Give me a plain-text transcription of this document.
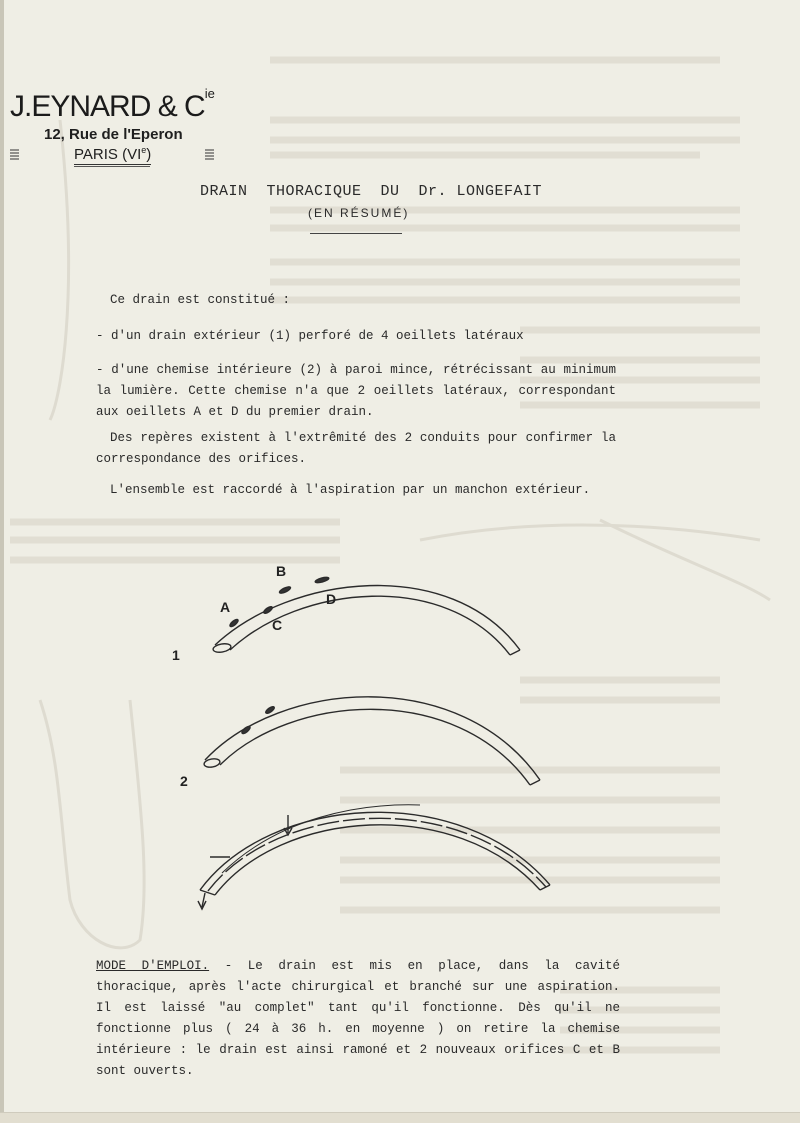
J.EYNARD & $C^{ie}$
12, Rue de l'Eperon
PARIS (VIe)
DRAIN  THORACIQUE  DU  Dr. LONGEFAIT
(EN RÉSUMÉ)
Ce drain est constitué :
- d'un drain extérieur (1) perforé de 4 oeillets latéraux
- d'une chemise intérieure (2) à paroi mince, rétrécissant au minimum la lumière. Cette chemise n'a que 2 oeillets latéraux, correspondant aux oeillets A et D du premier drain.
Des repères existent à l'extrêmité des 2 conduits pour confirmer la correspondance des orifices.
L'ensemble est raccordé à l'aspiration par un manchon extérieur.
B
A	D
C
1
2
MODE D'EMPLOI. - Le drain est mis en place, dans la cavité thoracique, après l'acte chirurgical et branché sur une aspiration. Il est laissé "au complet" tant qu'il fonctionne. Dès qu'il ne fonctionne plus ( 24 à 36 h. en moyenne ) on retire la chemise intérieure : le drain est ainsi ramoné et 2 nouveaux orifices C et B sont ouverts.
